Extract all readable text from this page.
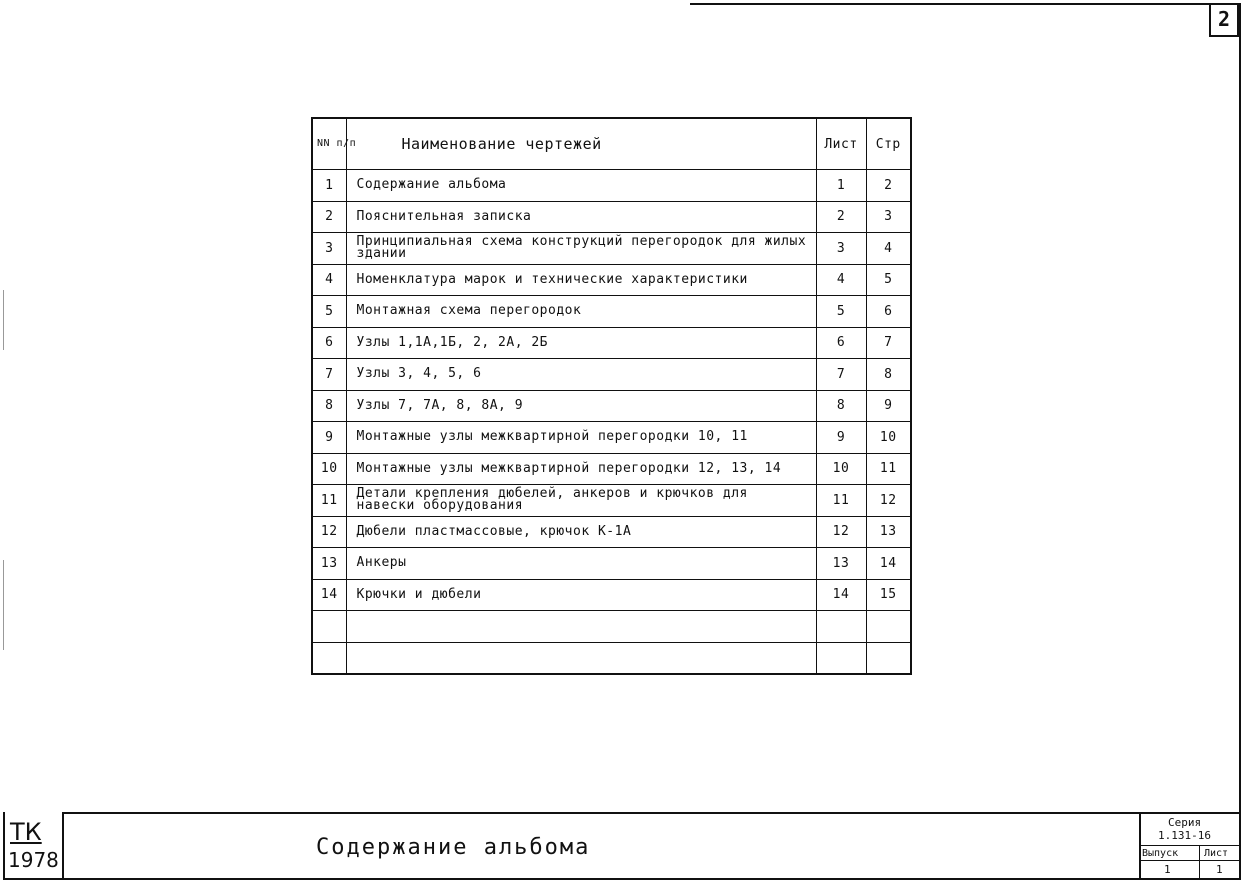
2
NN п/п	Наименование чертежей	Лист	Стр
1	Содержание альбома	1	2
2	Пояснительная записка	2	3
3	Принципиальная схема конструкций перегородок для жилых здании	3	4
4	Номенклатура марок и технические характеристики	4	5
5	Монтажная схема перегородок	5	6
6	Узлы 1,1А,1Б, 2, 2А, 2Б	6	7
7	Узлы 3, 4, 5, 6	7	8
8	Узлы 7, 7А, 8, 8А, 9	8	9
9	Монтажные узлы межквартирной перегородки 10, 11	9	10
10	Монтажные узлы межквартирной перегородки 12, 13, 14	10	11
11	Детали крепления дюбелей, анкеров и крючков для навески оборудования	11	12
12	Дюбели пластмассовые, крючок К-1А	12	13
13	Анкеры	13	14
14	Крючки и дюбели	14	15

ТК
1978	Содержание альбома
Серия
1.131-16
Выпуск	Лист
1	1
